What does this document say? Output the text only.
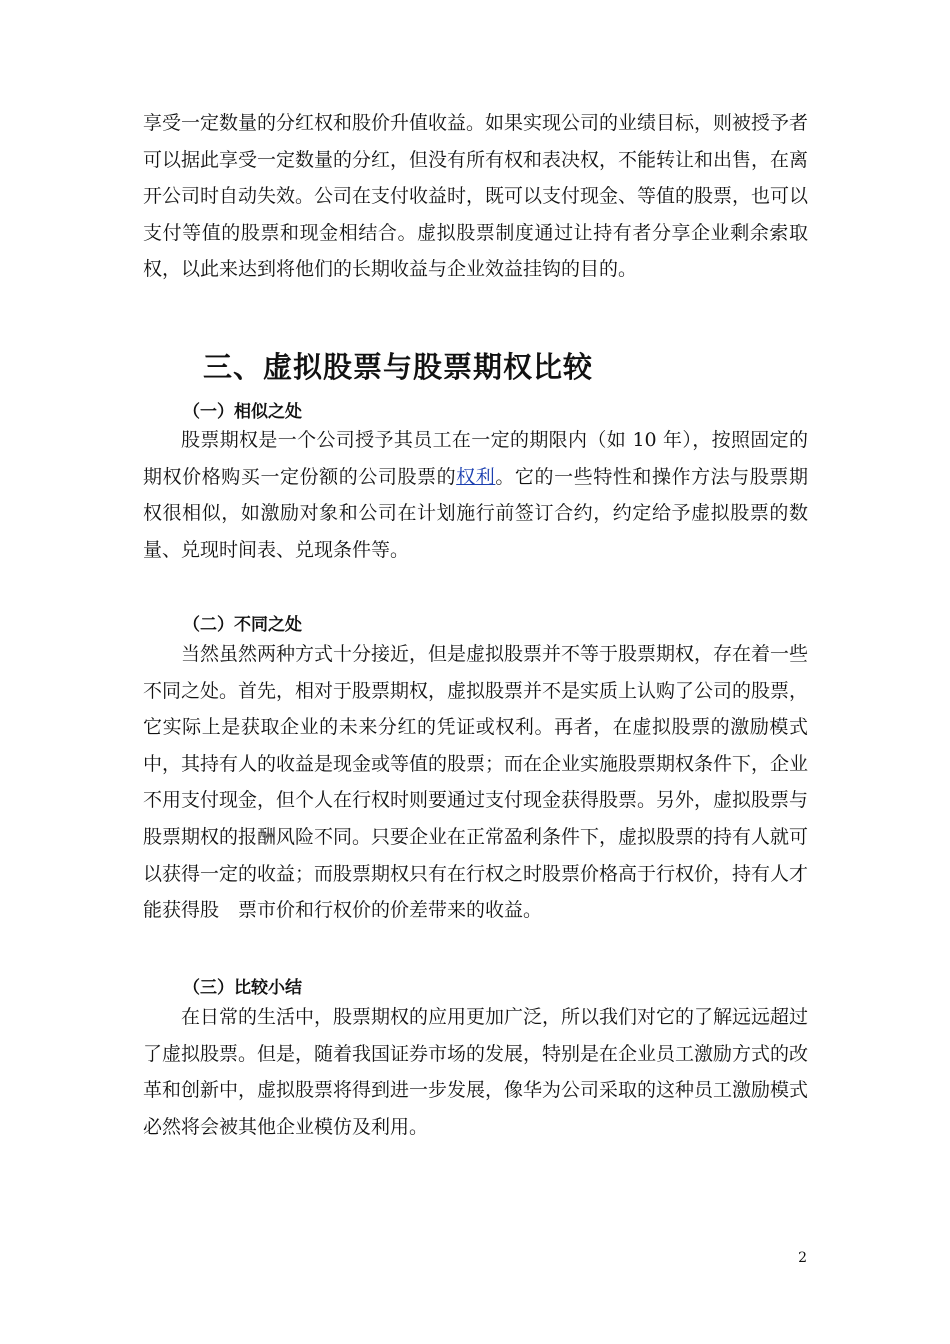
享受一定数量的分红权和股价升值收益。如果实现公司的业绩目标，则被授予者可以据此享受一定数量的分红，但没有所有权和表决权，不能转让和出售，在离开公司时自动失效。公司在支付收益时，既可以支付现金、等值的股票，也可以支付等值的股票和现金相结合。虚拟股票制度通过让持有者分享企业剩余索取权，以此来达到将他们的长期收益与企业效益挂钩的目的。

三、虚拟股票与股票期权比较
（一）相似之处

股票期权是一个公司授予其员工在一定的期限内（如 10 年），按照固定的期权价格购买一定份额的公司股票的权利。它的一些特性和操作方法与股票期权很相似，如激励对象和公司在计划施行前签订合约，约定给予虚拟股票的数量、兑现时间表、兑现条件等。

（二）不同之处

当然虽然两种方式十分接近，但是虚拟股票并不等于股票期权，存在着一些不同之处。首先，相对于股票期权，虚拟股票并不是实质上认购了公司的股票，它实际上是获取企业的未来分红的凭证或权利。再者，在虚拟股票的激励模式中，其持有人的收益是现金或等值的股票；而在企业实施股票期权条件下，企业不用支付现金，但个人在行权时则要通过支付现金获得股票。另外，虚拟股票与股票期权的报酬风险不同。只要企业在正常盈利条件下，虚拟股票的持有人就可以获得一定的收益；而股票期权只有在行权之时股票价格高于行权价，持有人才能获得股　票市价和行权价的价差带来的收益。

（三）比较小结

在日常的生活中，股票期权的应用更加广泛，所以我们对它的了解远远超过了虚拟股票。但是，随着我国证券市场的发展，特别是在企业员工激励方式的改革和创新中，虚拟股票将得到进一步发展，像华为公司采取的这种员工激励模式必然将会被其他企业模仿及利用。

2
